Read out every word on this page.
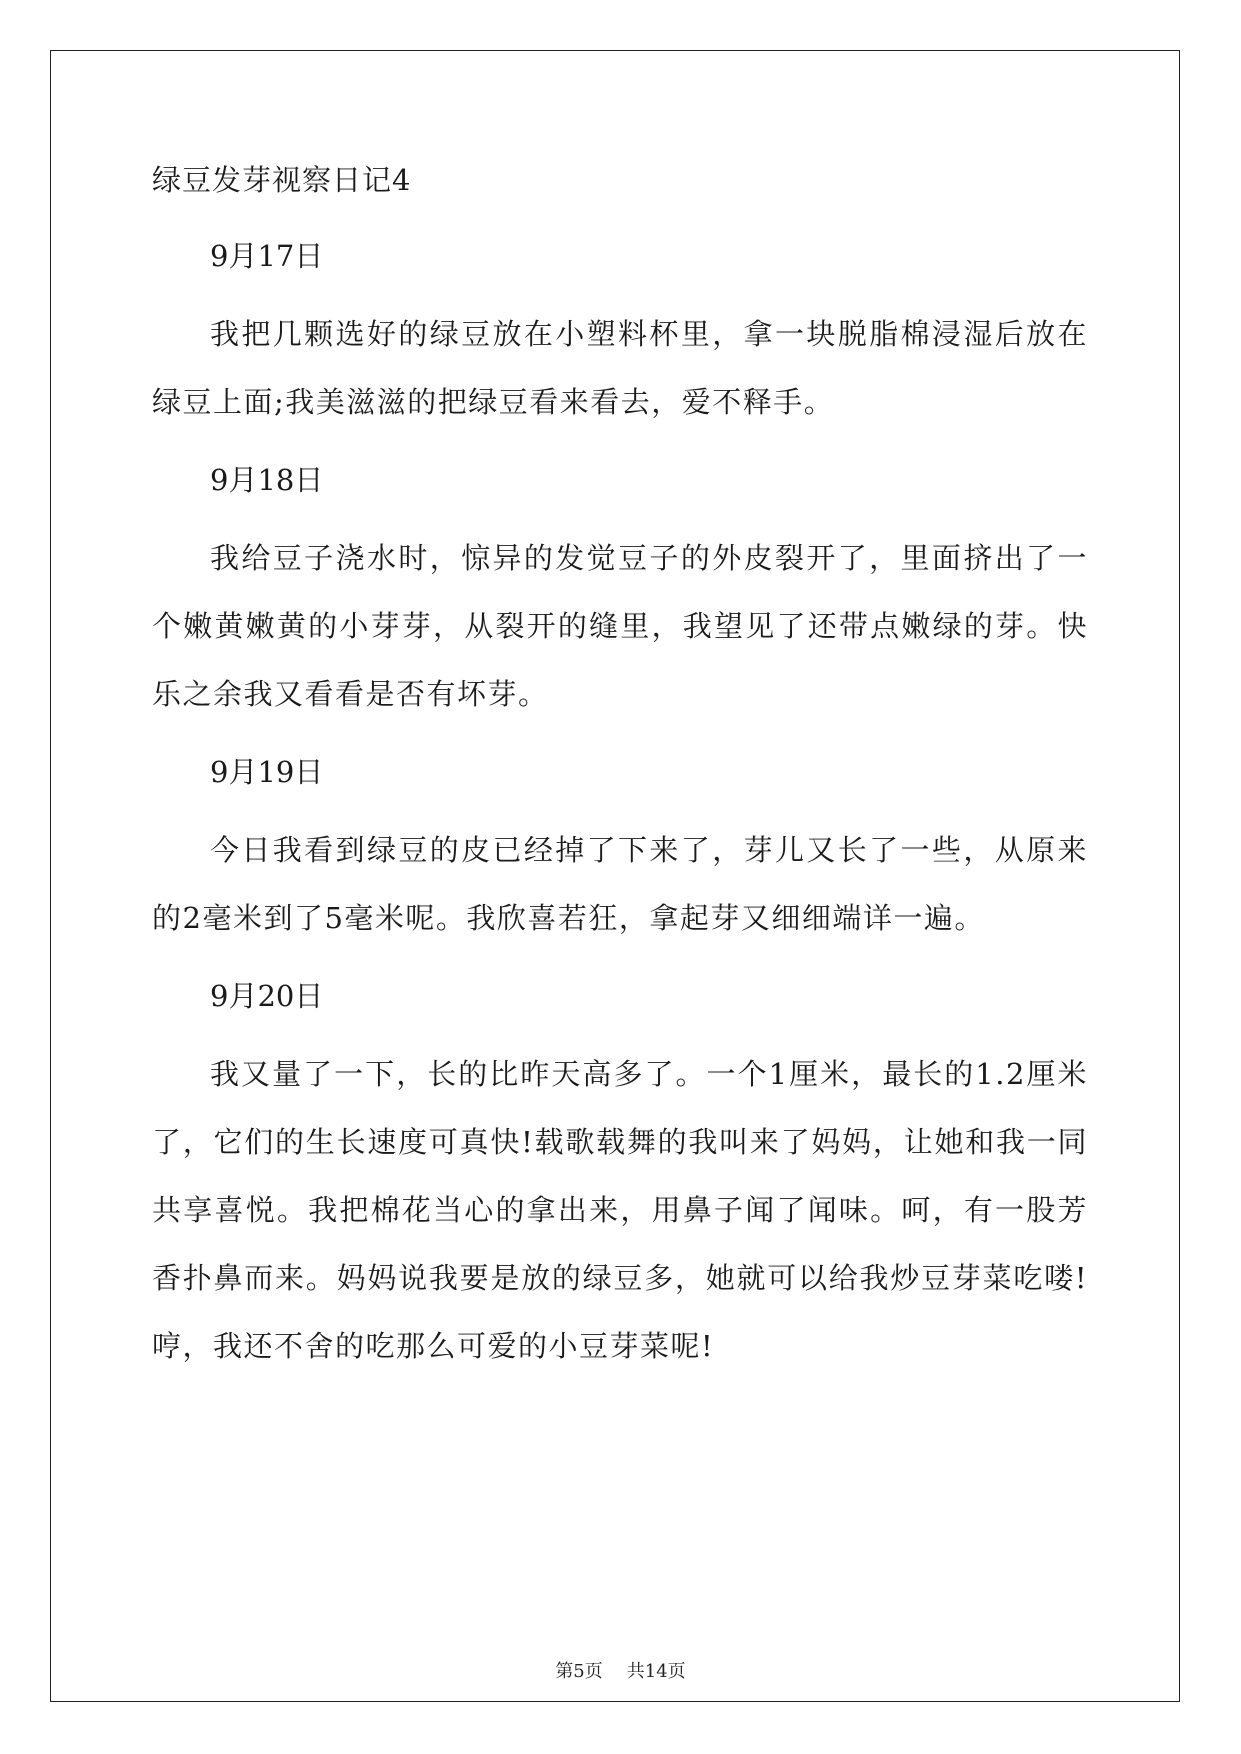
绿豆发芽视察日记4
9月17日
我把几颗选好的绿豆放在小塑料杯里，拿一块脱脂棉浸湿后放在绿豆上面;我美滋滋的把绿豆看来看去，爱不释手。
9月18日
我给豆子浇水时，惊异的发觉豆子的外皮裂开了，里面挤出了一个嫩黄嫩黄的小芽芽，从裂开的缝里，我望见了还带点嫩绿的芽。快乐之余我又看看是否有坏芽。
9月19日
今日我看到绿豆的皮已经掉了下来了，芽儿又长了一些，从原来的2毫米到了5毫米呢。我欣喜若狂，拿起芽又细细端详一遍。
9月20日
我又量了一下，长的比昨天高多了。一个1厘米，最长的1.2厘米了，它们的生长速度可真快!载歌载舞的我叫来了妈妈，让她和我一同共享喜悦。我把棉花当心的拿出来，用鼻子闻了闻味。呵，有一股芳香扑鼻而来。妈妈说我要是放的绿豆多，她就可以给我炒豆芽菜吃喽!哼，我还不舍的吃那么可爱的小豆芽菜呢!
第5页 共14页
